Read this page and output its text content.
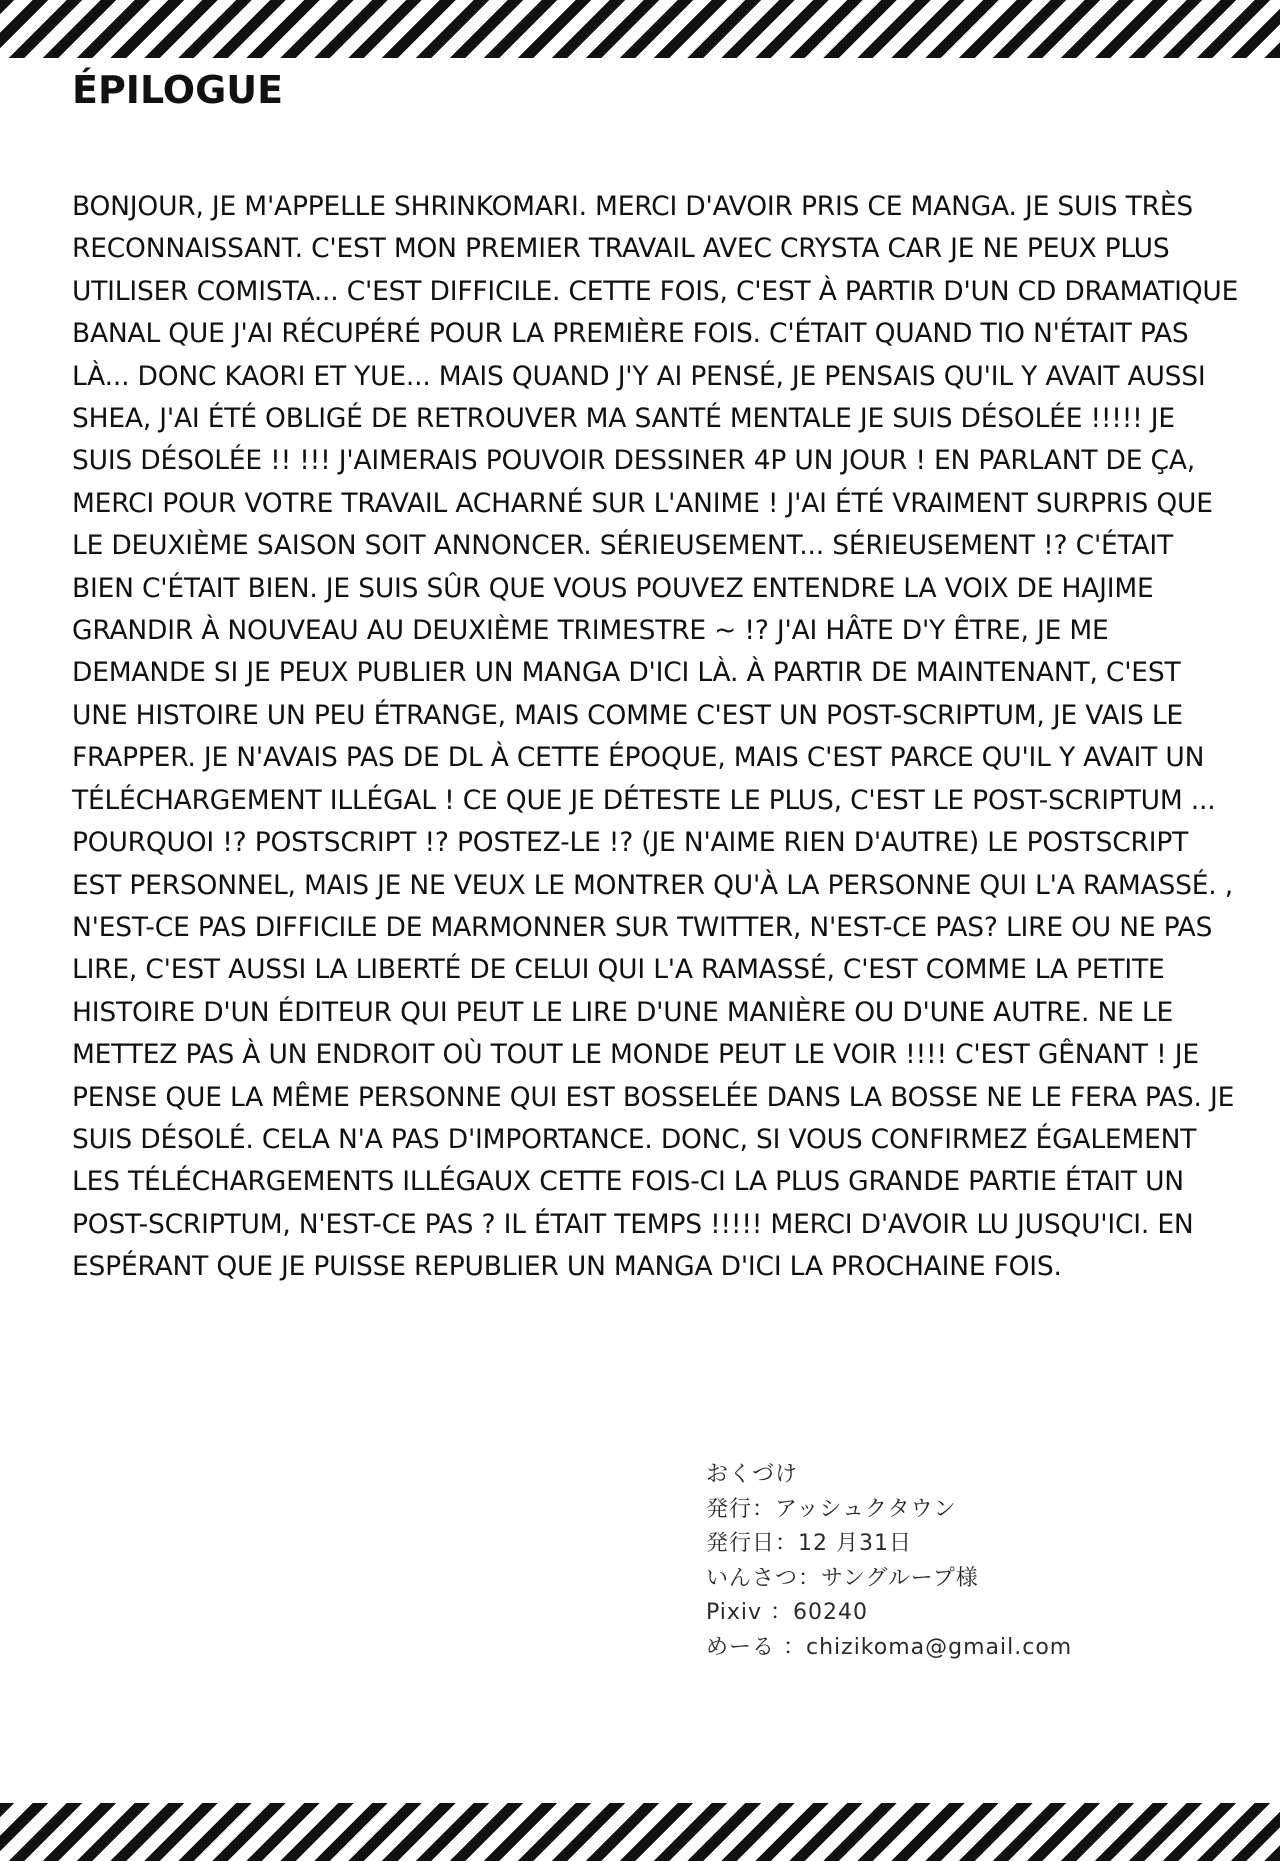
ÉPILOGUE

BONJOUR, JE M'APPELLE SHRINKOMARI. MERCI D'AVOIR PRIS CE MANGA. JE SUIS TRÈS RECONNAISSANT. C'EST MON PREMIER TRAVAIL AVEC CRYSTA CAR JE NE PEUX PLUS UTILISER COMISTA... C'EST DIFFICILE. CETTE FOIS, C'EST À PARTIR D'UN CD DRAMATIQUE BANAL QUE J'AI RÉCUPÉRÉ POUR LA PREMIÈRE FOIS. C'ÉTAIT QUAND TIO N'ÉTAIT PAS LÀ... DONC KAORI ET YUE... MAIS QUAND J'Y AI PENSÉ, JE PENSAIS QU'IL Y AVAIT AUSSI SHEA, J'AI ÉTÉ OBLIGÉ DE RETROUVER MA SANTÉ MENTALE JE SUIS DÉSOLÉE !!!!! JE SUIS DÉSOLÉE !! !!! J'AIMERAIS POUVOIR DESSINER 4P UN JOUR ! EN PARLANT DE ÇA, MERCI POUR VOTRE TRAVAIL ACHARNÉ SUR L'ANIME ! J'AI ÉTÉ VRAIMENT SURPRIS QUE LE DEUXIÈME SAISON SOIT ANNONCER. SÉRIEUSEMENT... SÉRIEUSEMENT !? C'ÉTAIT BIEN C'ÉTAIT BIEN. JE SUIS SÛR QUE VOUS POUVEZ ENTENDRE LA VOIX DE HAJIME GRANDIR À NOUVEAU AU DEUXIÈME TRIMESTRE ~ !? J'AI HÂTE D'Y ÊTRE, JE ME DEMANDE SI JE PEUX PUBLIER UN MANGA D'ICI LÀ. À PARTIR DE MAINTENANT, C'EST UNE HISTOIRE UN PEU ÉTRANGE, MAIS COMME C'EST UN POST-SCRIPTUM, JE VAIS LE FRAPPER. JE N'AVAIS PAS DE DL À CETTE ÉPOQUE, MAIS C'EST PARCE QU'IL Y AVAIT UN TÉLÉCHARGEMENT ILLÉGAL ! CE QUE JE DÉTESTE LE PLUS, C'EST LE POST-SCRIPTUM ... POURQUOI !? POSTSCRIPT !? POSTEZ-LE !? (JE N'AIME RIEN D'AUTRE) LE POSTSCRIPT EST PERSONNEL, MAIS JE NE VEUX LE MONTRER QU'À LA PERSONNE QUI L'A RAMASSÉ. , N'EST-CE PAS DIFFICILE DE MARMONNER SUR TWITTER, N'EST-CE PAS? LIRE OU NE PAS LIRE, C'EST AUSSI LA LIBERTÉ DE CELUI QUI L'A RAMASSÉ, C'EST COMME LA PETITE HISTOIRE D'UN ÉDITEUR QUI PEUT LE LIRE D'UNE MANIÈRE OU D'UNE AUTRE. NE LE METTEZ PAS À UN ENDROIT OÙ TOUT LE MONDE PEUT LE VOIR !!!! C'EST GÊNANT ! JE PENSE QUE LA MÊME PERSONNE QUI EST BOSSELÉE DANS LA BOSSE NE LE FERA PAS. JE SUIS DÉSOLÉ. CELA N'A PAS D'IMPORTANCE. DONC, SI VOUS CONFIRMEZ ÉGALEMENT LES TÉLÉCHARGEMENTS ILLÉGAUX CETTE FOIS-CI LA PLUS GRANDE PARTIE ÉTAIT UN POST-SCRIPTUM, N'EST-CE PAS ? IL ÉTAIT TEMPS !!!!! MERCI D'AVOIR LU JUSQU'ICI. EN ESPÉRANT QUE JE PUISSE REPUBLIER UN MANGA D'ICI LA PROCHAINE FOIS.

おくづけ
発行：アッシュクタウン
発行日：12 月31日
いんさつ：サングループ様
Pixiv ：60240
めーる ：chizikoma@gmail.com
